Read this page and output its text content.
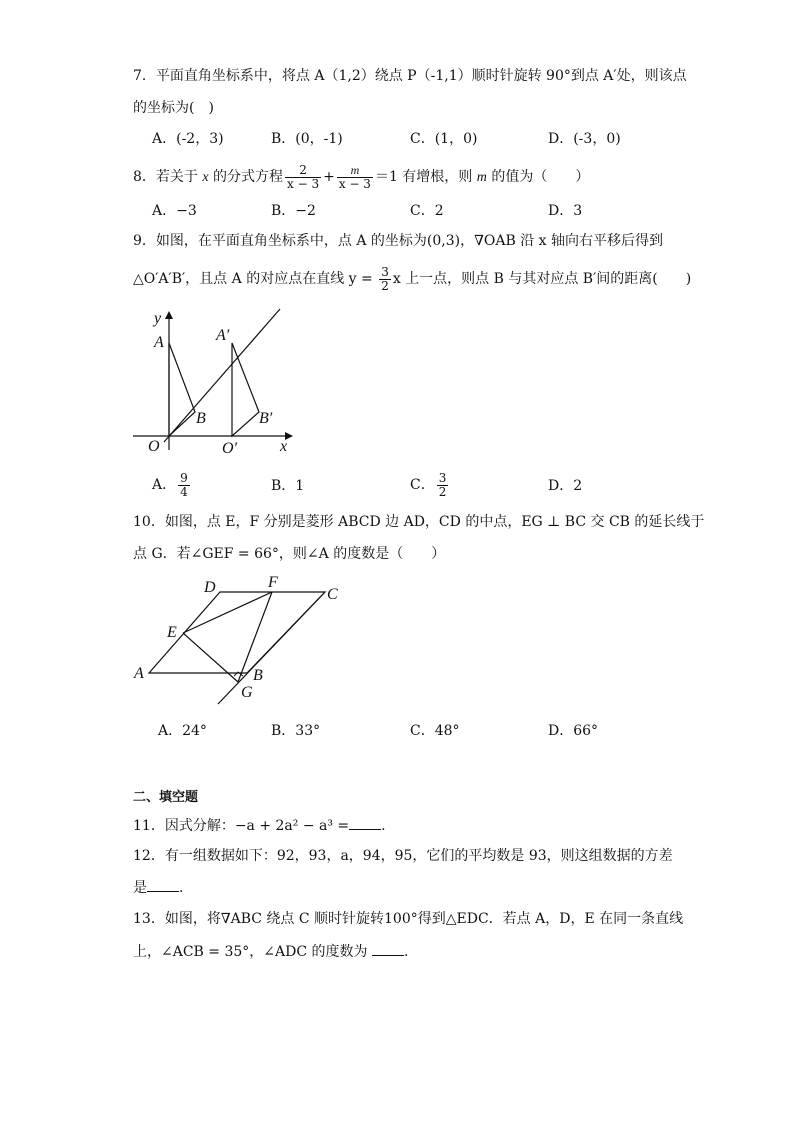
7．平面直角坐标系中，将点 A（1,2）绕点 P（-1,1）顺时针旋转 90°到点 A′处，则该点
的坐标为(　)
A．(-2，3)	B．(0，-1)	C．(1，0)	D．(-3，0)
8．若关于 x 的分式方程 $\frac{2}{x - 3} + \frac{m}{x - 3} =1$ 有增根，则 m 的值为（　　）
A．−3	B．−2	C．2	D．3
9．如图，在平面直角坐标系中，点 A 的坐标为(0,3)，∇OAB 沿 x 轴向右平移后得到
△O′A′B′，且点 A 的对应点在直线 $y = \frac{3}{2}$ x 上一点，则点 B 与其对应点 B′间的距离(　　)
y
x
A	A′
B	B′
O	O′
A． $\frac{9}{4}$	B．1	C． $\frac{3}{2}$	D．2
10．如图，点 E，F 分别是菱形 ABCD 边 AD，CD 的中点，EG ⊥ BC 交 CB 的延长线于
点 G．若∠GEF = 66°，则∠A 的度数是（　　）
A	B
C
D
E
F
G
A．24°	B．33°	C．48°	D．66°
二、填空题
11．因式分解：−a + 2a² − a³ = .
12．有一组数据如下：92，93，a，94，95，它们的平均数是 93，则这组数据的方差
是 .
13．如图，将∇ABC 绕点 C 顺时针旋转100°得到△EDC．若点 A，D，E 在同一条直线
上，∠ACB = 35°，∠ADC 的度数为 .
